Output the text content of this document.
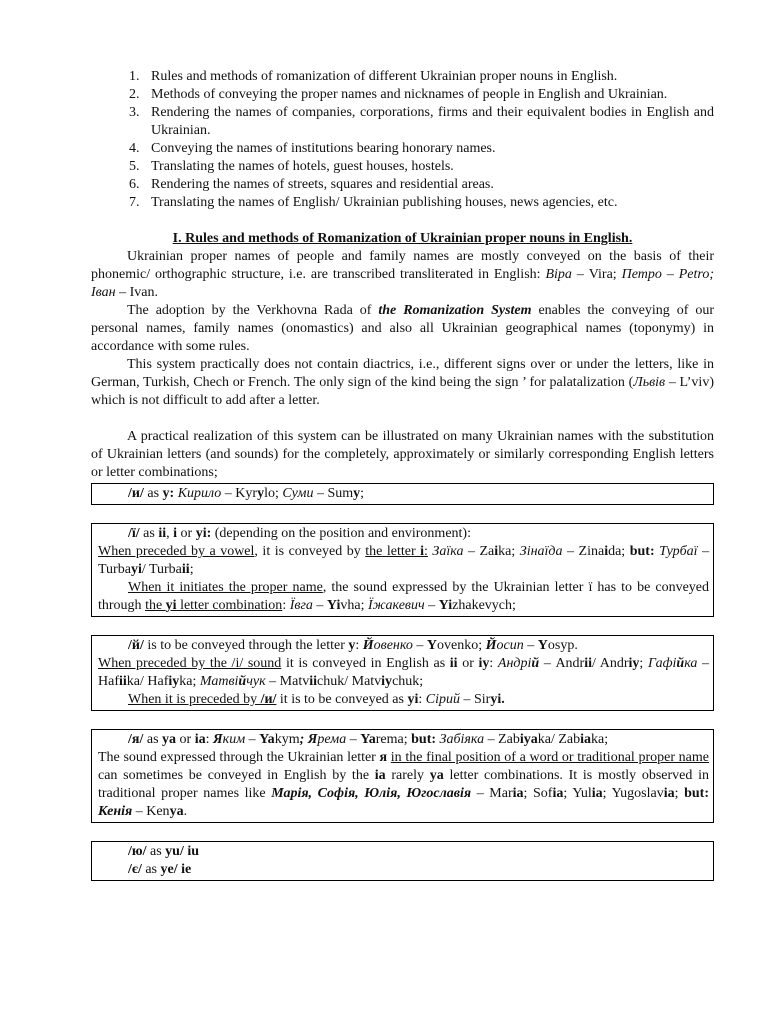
1. Rules and methods of romanization of different Ukrainian proper nouns in English.
2. Methods of conveying the proper names and nicknames of people in English and Ukrainian.
3. Rendering the names of companies, corporations, firms and their equivalent bodies in English and Ukrainian.
4. Conveying the names of institutions bearing honorary names.
5. Translating the names of hotels, guest houses, hostels.
6. Rendering the names of streets, squares and residential areas.
7. Translating the names of English/ Ukrainian publishing houses, news agencies, etc.
I. Rules and methods of Romanization of Ukrainian proper nouns in English.
Ukrainian proper names of people and family names are mostly conveyed on the basis of their phonemic/ orthographic structure, i.e. are transcribed transliterated in English: Віра – Vira; Петро – Petro; Іван – Ivan.
The adoption by the Verkhovna Rada of the Romanization System enables the conveying of our personal names, family names (onomastics) and also all Ukrainian geographical names (toponymy) in accordance with some rules.
This system practically does not contain diactrics, i.e., different signs over or under the letters, like in German, Turkish, Chech or French. The only sign of the kind being the sign ’ for palatalization (Львів – L’viv) which is not difficult to add after a letter.
A practical realization of this system can be illustrated on many Ukrainian names with the substitution of Ukrainian letters (and sounds) for the completely, approximately or similarly corresponding English letters or letter combinations;
/и/ as y: Кирило – Kyrylo; Суми – Sumy;
/ї/ as ii, i or yi: (depending on the position and environment):
When preceded by a vowel, it is conveyed by the letter i: Заїка – Zaika; Зінаїда – Zinaida; but: Турбаї – Turbayi/ Turbaii;
When it initiates the proper name, the sound expressed by the Ukrainian letter ї has to be conveyed through the yi letter combination: Ївга – Yivha; Їжакевич – Yizhakevych;
/й/ is to be conveyed through the letter y: Йовенко – Yovenko; Йосип – Yosyp.
When preceded by the /і/ sound it is conveyed in English as ii or iy: Андрій – Andrii/ Andriy; Гафійка – Hafiika/ Hafiyka; Матвійчук – Matviichuk/ Matviychuk;
When it is preceded by /и/ it is to be conveyed as yi: Сірий – Siryi.
/я/ as ya or ia: Яким – Yakym; Ярема – Yarema; but: Забіяка – Zabiyaka/ Zabiaka;
The sound expressed through the Ukrainian letter я in the final position of a word or traditional proper name can sometimes be conveyed in English by the ia rarely ya letter combinations. It is mostly observed in traditional proper names like Марія, Софія, Юлія, Югославія – Maria; Sofia; Yulia; Yugoslavia; but: Кенія – Kenya.
/ю/ as yu/ iu
/є/ as ye/ ie
